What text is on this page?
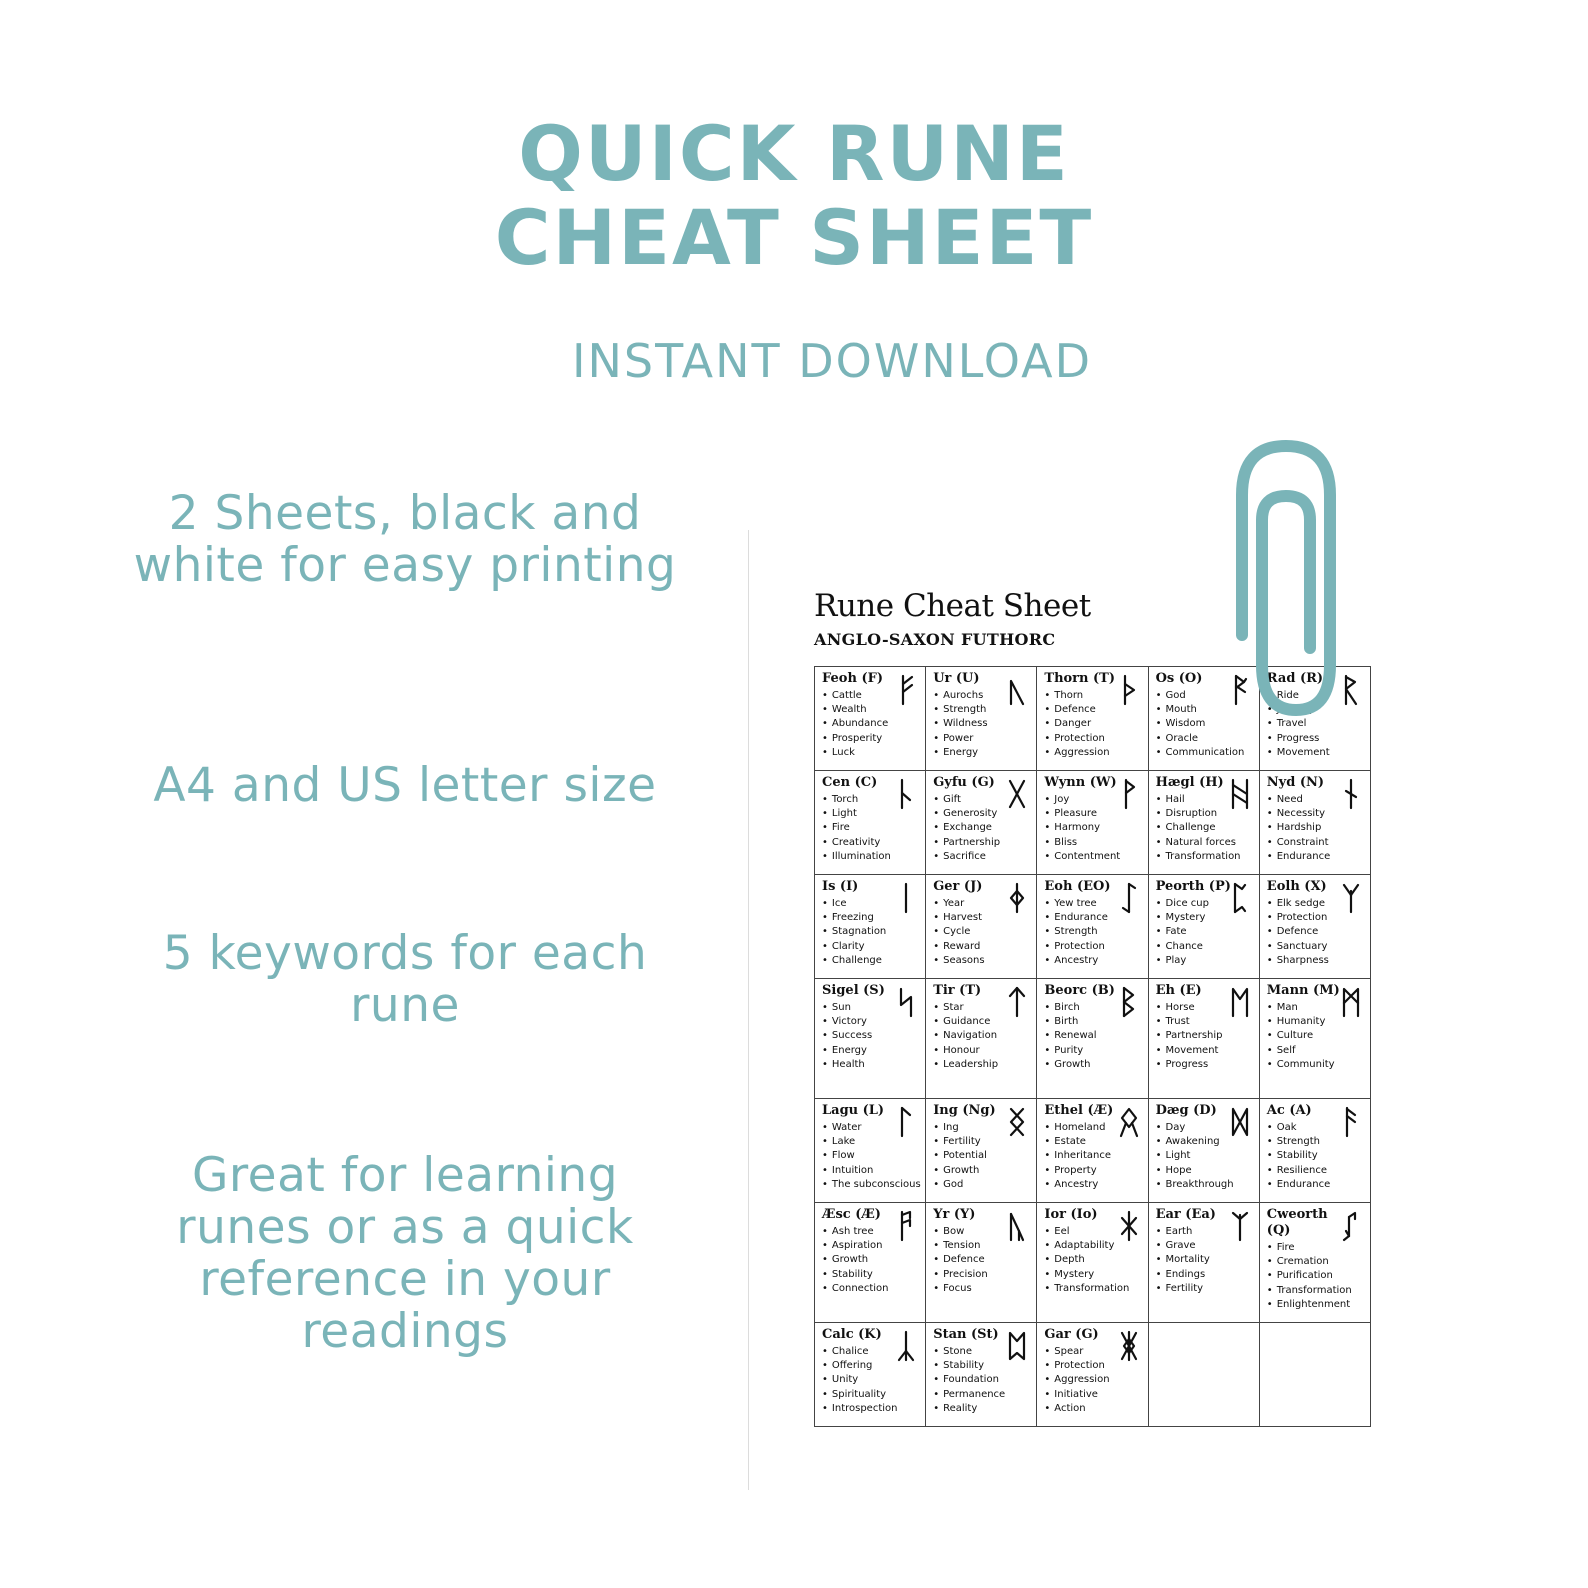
QUICK RUNE
CHEAT SHEET
INSTANT DOWNLOAD
2 Sheets, black and white for easy printing
A4 and US letter size
5 keywords for each rune
Great for learning runes or as a quick reference in your readings
Rune Cheat Sheet
ANGLO-SAXON FUTHORC
Feoh (F)
• Cattle
• Wealth
• Abundance
• Prosperity
• Luck
Ur (U)
• Aurochs
• Strength
• Wildness
• Power
• Energy
Thorn (T)
• Thorn
• Defence
• Danger
• Protection
• Aggression
Os (O)
• God
• Mouth
• Wisdom
• Oracle
• Communication
Rad (R)
• Ride
• Journey
• Travel
• Progress
• Movement
Cen (C)
• Torch
• Light
• Fire
• Creativity
• Illumination
Gyfu (G)
• Gift
• Generosity
• Exchange
• Partnership
• Sacrifice
Wynn (W)
• Joy
• Pleasure
• Harmony
• Bliss
• Contentment
Hægl (H)
• Hail
• Disruption
• Challenge
• Natural forces
• Transformation
Nyd (N)
• Need
• Necessity
• Hardship
• Constraint
• Endurance
Is (I)
• Ice
• Freezing
• Stagnation
• Clarity
• Challenge
Ger (J)
• Year
• Harvest
• Cycle
• Reward
• Seasons
Eoh (EO)
• Yew tree
• Endurance
• Strength
• Protection
• Ancestry
Peorth (P)
• Dice cup
• Mystery
• Fate
• Chance
• Play
Eolh (X)
• Elk sedge
• Protection
• Defence
• Sanctuary
• Sharpness
Sigel (S)
• Sun
• Victory
• Success
• Energy
• Health
Tir (T)
• Star
• Guidance
• Navigation
• Honour
• Leadership
Beorc (B)
• Birch
• Birth
• Renewal
• Purity
• Growth
Eh (E)
• Horse
• Trust
• Partnership
• Movement
• Progress
Mann (M)
• Man
• Humanity
• Culture
• Self
• Community
Lagu (L)
• Water
• Lake
• Flow
• Intuition
• The subconscious
Ing (Ng)
• Ing
• Fertility
• Potential
• Growth
• God
Ethel (Æ)
• Homeland
• Estate
• Inheritance
• Property
• Ancestry
Dæg (D)
• Day
• Awakening
• Light
• Hope
• Breakthrough
Ac (A)
• Oak
• Strength
• Stability
• Resilience
• Endurance
Æsc (Æ)
• Ash tree
• Aspiration
• Growth
• Stability
• Connection
Yr (Y)
• Bow
• Tension
• Defence
• Precision
• Focus
Ior (Io)
• Eel
• Adaptability
• Depth
• Mystery
• Transformation
Ear (Ea)
• Earth
• Grave
• Mortality
• Endings
• Fertility
Cweorth (Q)
• Fire
• Cremation
• Purification
• Transformation
• Enlightenment
Calc (K)
• Chalice
• Offering
• Unity
• Spirituality
• Introspection
Stan (St)
• Stone
• Stability
• Foundation
• Permanence
• Reality
Gar (G)
• Spear
• Protection
• Aggression
• Initiative
• Action
